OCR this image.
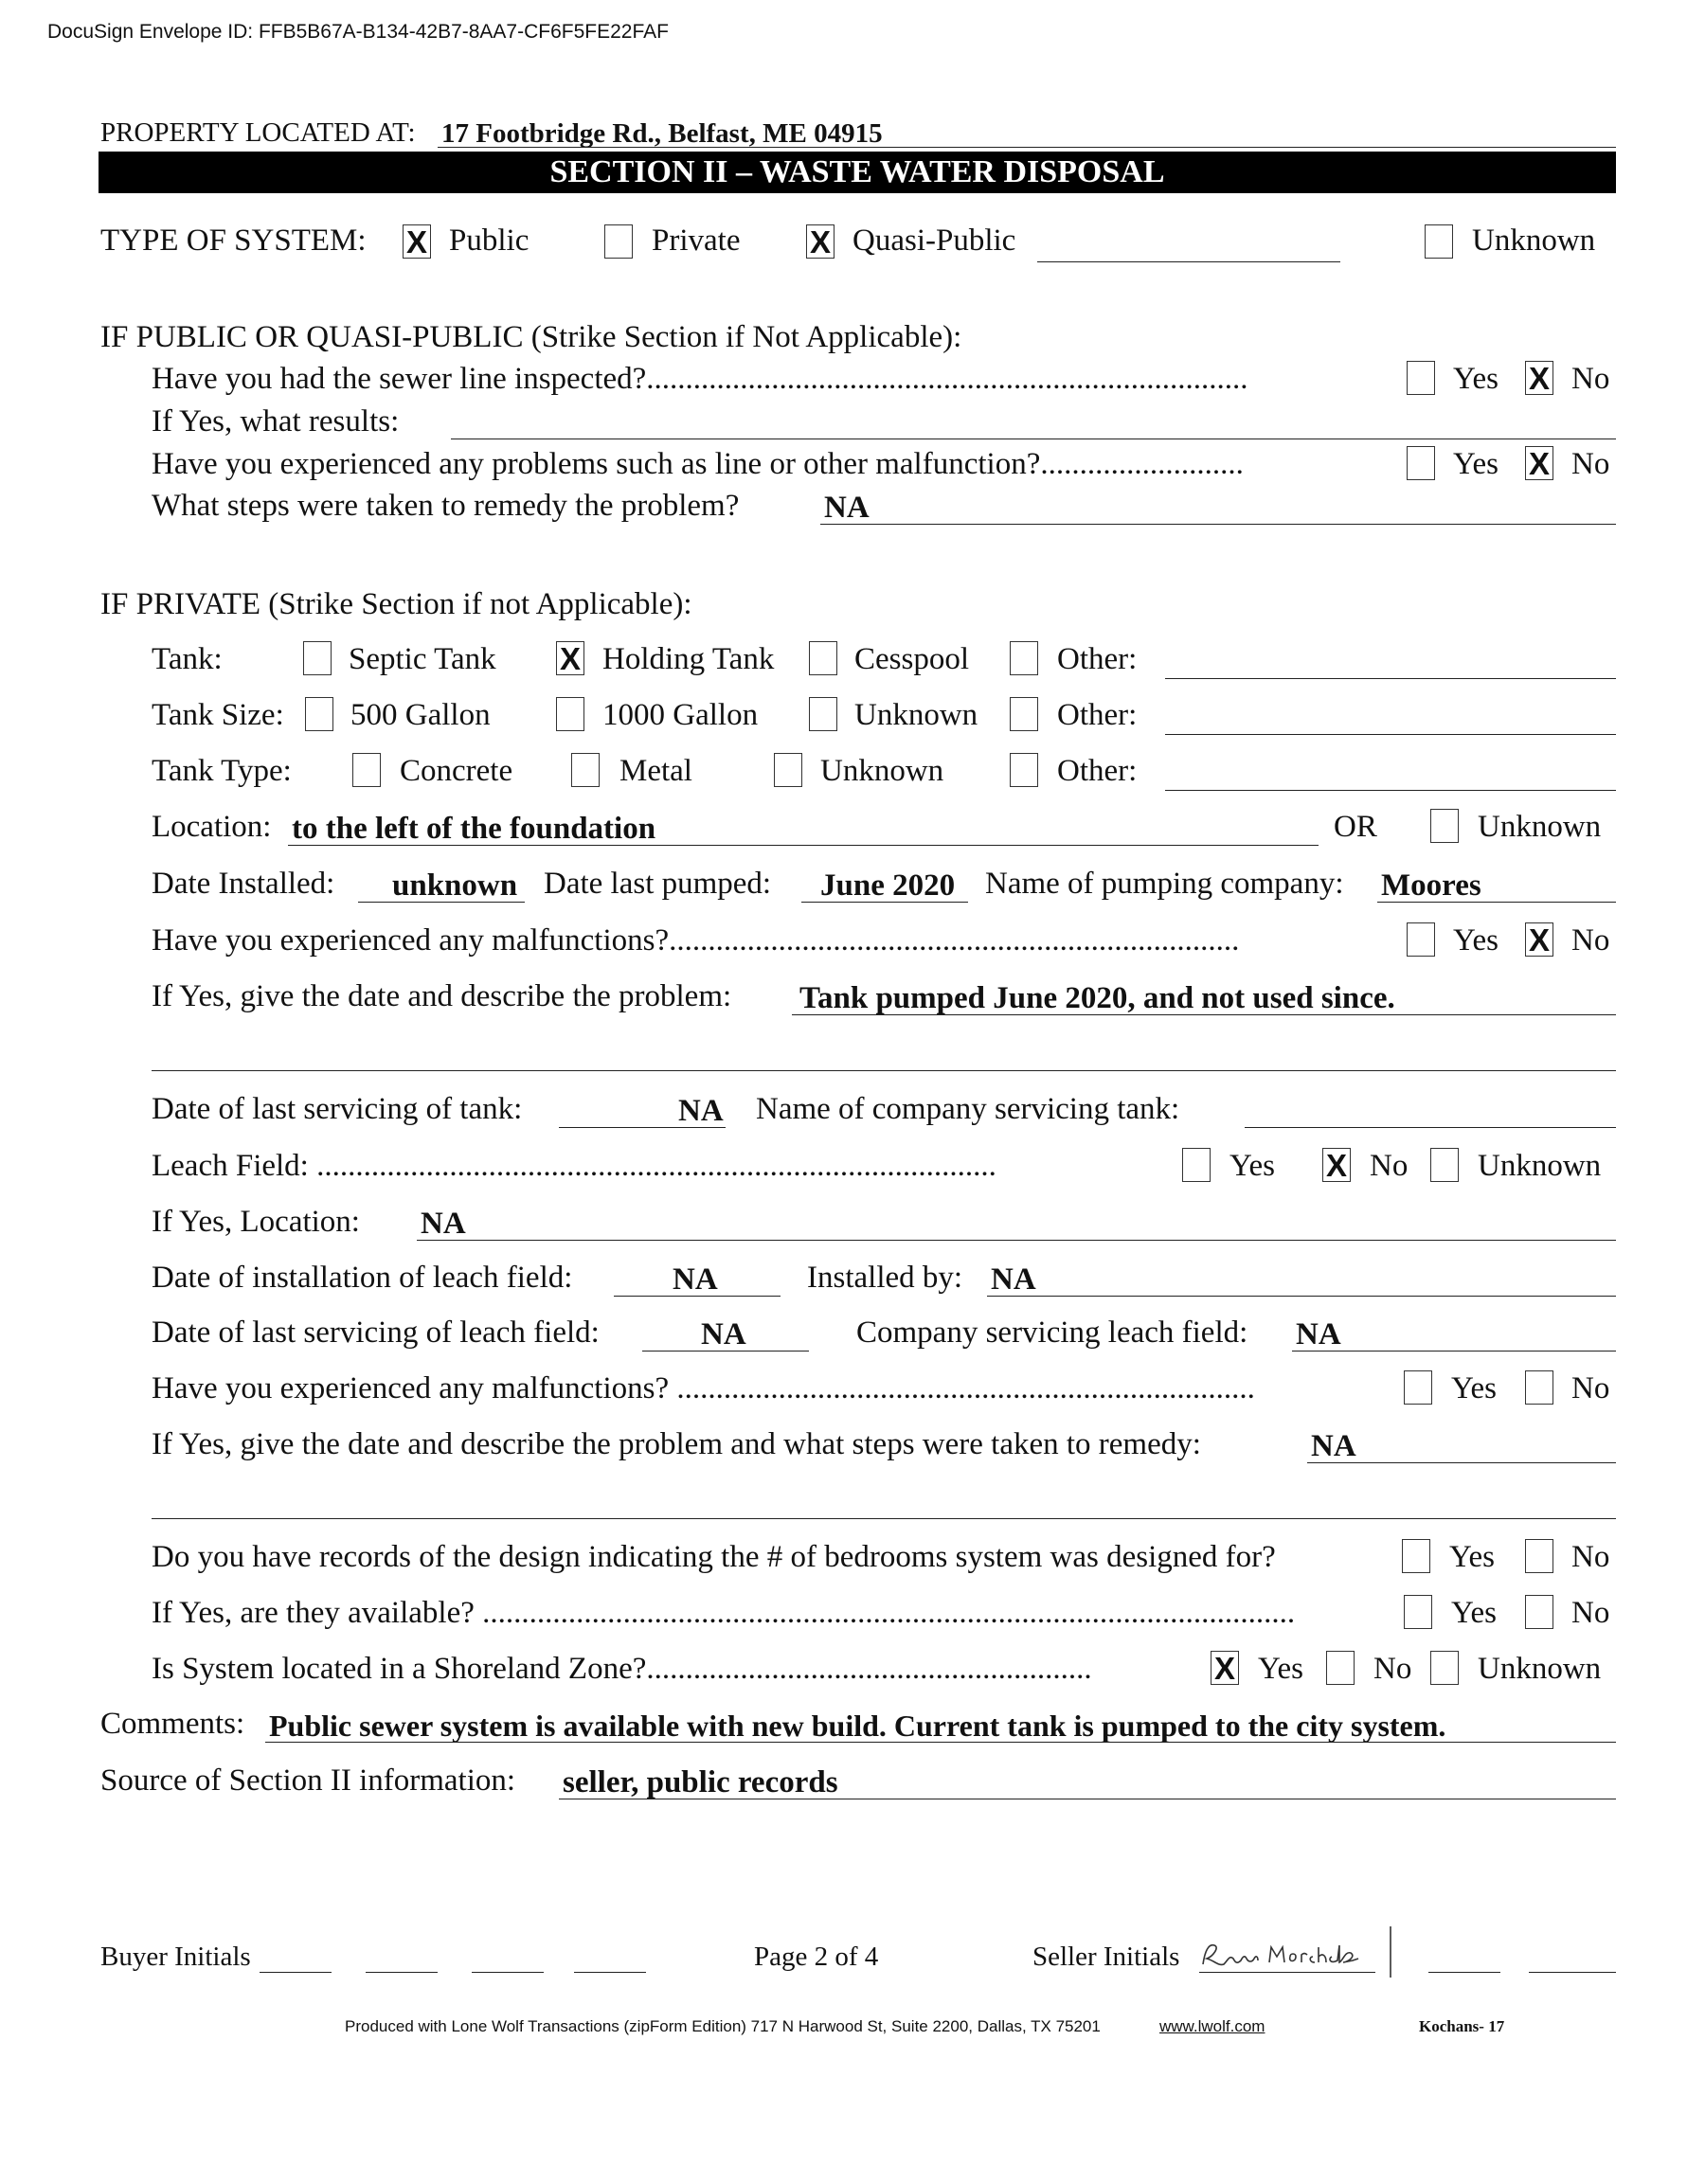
DocuSign Envelope ID: FFB5B67A-B134-42B7-8AA7-CF6F5FE22FAF
PROPERTY LOCATED AT: 17 Footbridge Rd., Belfast, ME 04915
SECTION II – WASTE WATER DISPOSAL
TYPE OF SYSTEM: X Public	Private X Quasi-Public	Unknown
IF PUBLIC OR QUASI-PUBLIC (Strike Section if Not Applicable):
Have you had the sewer line inspected?.............................................................................	Yes X No
If Yes, what results:
Have you experienced any problems such as line or other malfunction?..........................	Yes X No
What steps were taken to remedy the problem?	NA
IF PRIVATE (Strike Section if not Applicable):
Tank:	Septic Tank X Holding Tank	Cesspool	Other:
Tank Size: 500 Gallon	1000 Gallon	Unknown	Other:
Tank Type:	Concrete	Metal	Unknown	Other:
Location: to the left of the foundation	OR	Unknown
Date Installed: unknown Date last pumped: June 2020 Name of pumping company: Moores
Have you experienced any malfunctions?.........................................................................	Yes X No
If Yes, give the date and describe the problem: Tank pumped June 2020, and not used since.
Date of last servicing of tank:	NA Name of company servicing tank:
Leach Field: .......................................................................................	Yes X No Unknown
If Yes, Location: NA
Date of installation of leach field:	NA	Installed by: NA
Date of last servicing of leach field:	NA	Company servicing leach field: NA
Have you experienced any malfunctions? ..........................................................................	Yes No
If Yes, give the date and describe the problem and what steps were taken to remedy:	NA
Do you have records of the design indicating the # of bedrooms system was designed for?	Yes No
If Yes, are they available? ........................................................................................................	Yes No
Is System located in a Shoreland Zone?.........................................................	X Yes No Unknown
Comments: Public sewer system is available with new build. Current tank is pumped to the city system.
Source of Section II information: seller, public records
Buyer Initials	Page 2 of 4	Seller Initials
Produced with Lone Wolf Transactions (zipForm Edition) 717 N Harwood St, Suite 2200, Dallas, TX 75201	www.lwolf.com	Kochans- 17
